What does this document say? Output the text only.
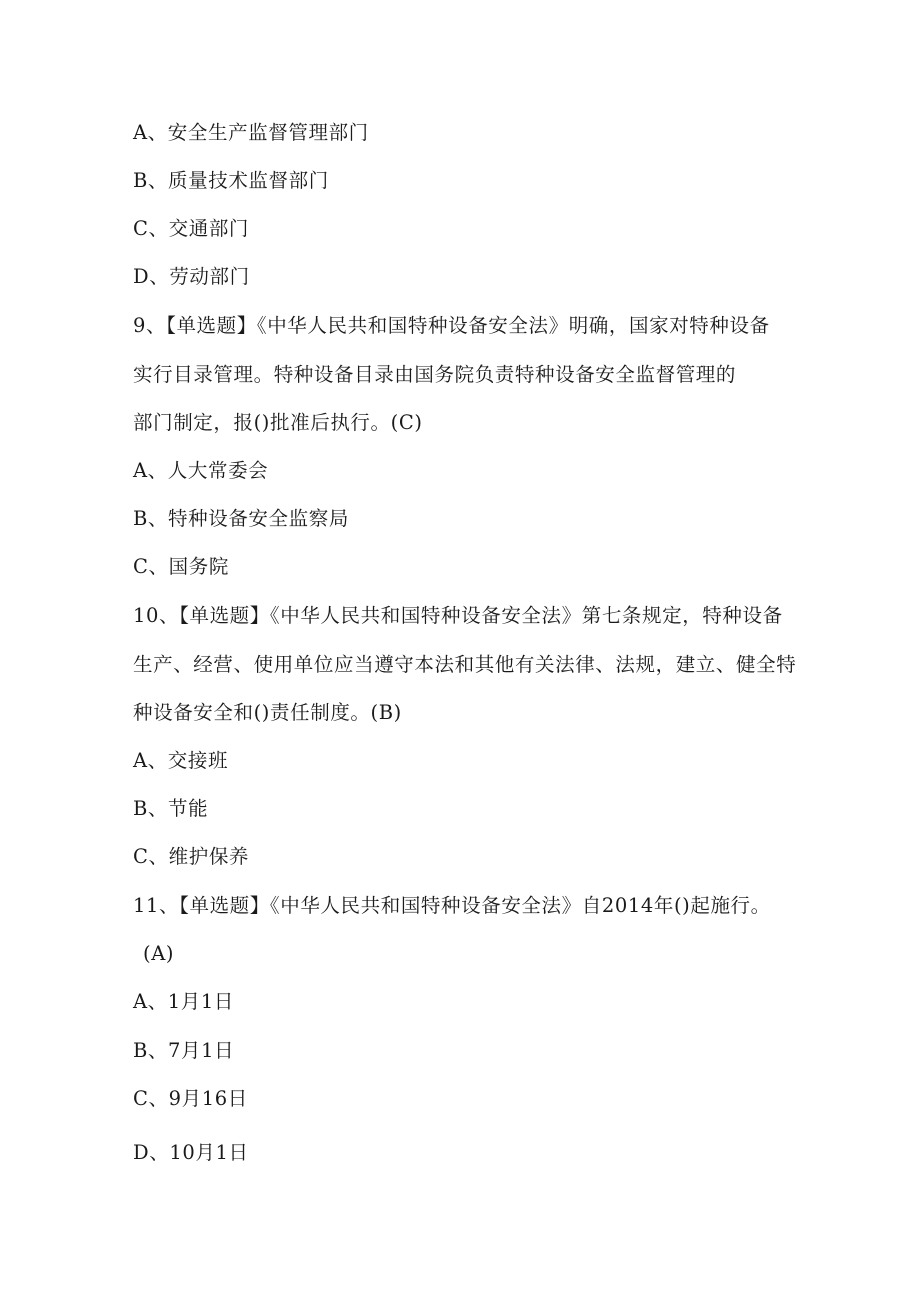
A、安全生产监督管理部门
B、质量技术监督部门
C、交通部门
D、劳动部门
9、【单选题】《中华人民共和国特种设备安全法》明确，国家对特种设备
实行目录管理。特种设备目录由国务院负责特种设备安全监督管理的
部门制定，报()批准后执行。(C)
A、人大常委会
B、特种设备安全监察局
C、国务院
10、【单选题】《中华人民共和国特种设备安全法》第七条规定，特种设备
生产、经营、使用单位应当遵守本法和其他有关法律、法规，建立、健全特
种设备安全和()责任制度。(B)
A、交接班
B、节能
C、维护保养
11、【单选题】《中华人民共和国特种设备安全法》自2014年()起施行。
(A)
A、1月1日
B、7月1日
C、9月16日
D、10月1日
